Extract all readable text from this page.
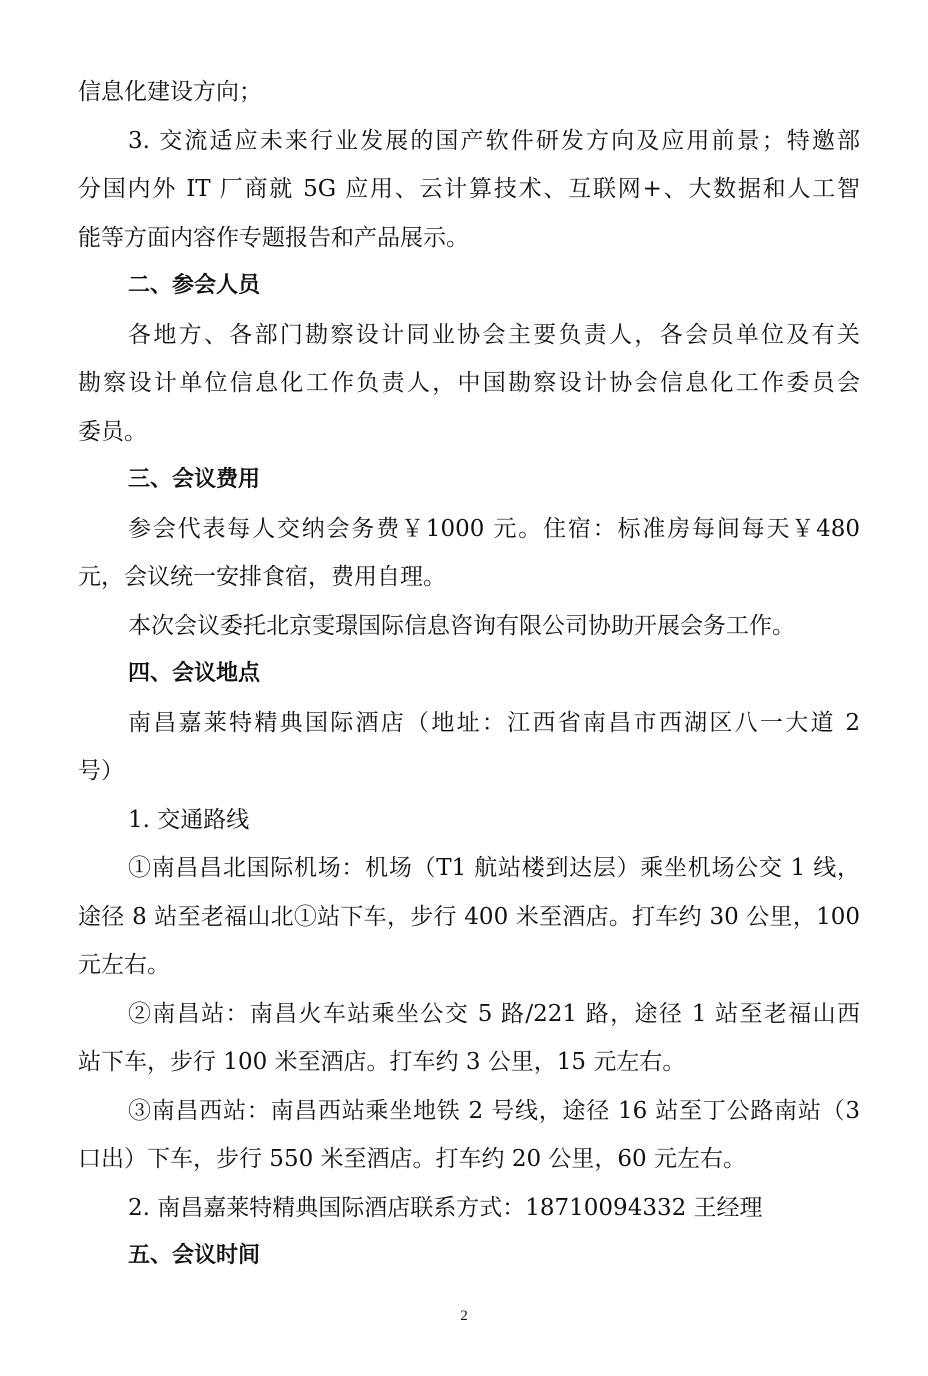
信息化建设方向；
3. 交流适应未来行业发展的国产软件研发方向及应用前景；特邀部
分国内外 IT 厂商就 5G 应用、云计算技术、互联网+、大数据和人工智
能等方面内容作专题报告和产品展示。
二、参会人员
各地方、各部门勘察设计同业协会主要负责人，各会员单位及有关
勘察设计单位信息化工作负责人，中国勘察设计协会信息化工作委员会
委员。
三、会议费用
参会代表每人交纳会务费￥1000 元。住宿：标准房每间每天￥480
元，会议统一安排食宿，费用自理。
本次会议委托北京雯璟国际信息咨询有限公司协助开展会务工作。
四、会议地点
南昌嘉莱特精典国际酒店（地址：江西省南昌市西湖区八一大道 2
号）
1. 交通路线
①南昌昌北国际机场：机场（T1 航站楼到达层）乘坐机场公交 1 线，
途径 8 站至老福山北①站下车，步行 400 米至酒店。打车约 30 公里，100
元左右。
②南昌站：南昌火车站乘坐公交 5 路/221 路，途径 1 站至老福山西
站下车，步行 100 米至酒店。打车约 3 公里，15 元左右。
③南昌西站：南昌西站乘坐地铁 2 号线，途径 16 站至丁公路南站（3
口出）下车，步行 550 米至酒店。打车约 20 公里，60 元左右。
2. 南昌嘉莱特精典国际酒店联系方式：18710094332 王经理
五、会议时间
2
